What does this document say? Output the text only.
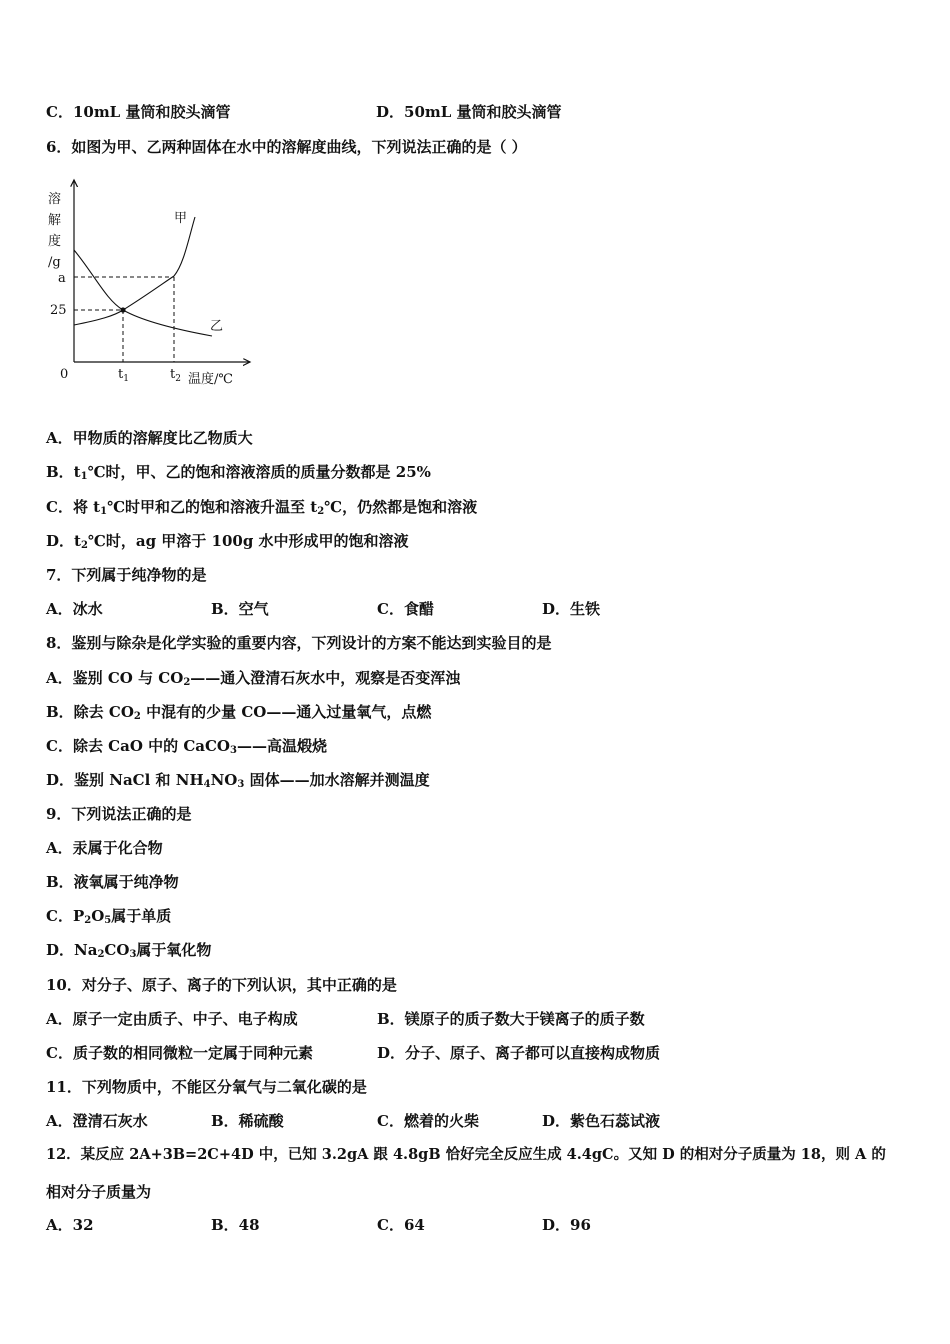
C．10mL 量筒和胶头滴管	D．50mL 量筒和胶头滴管
6．如图为甲、乙两种固体在水中的溶解度曲线，下列说法正确的是（ ）
溶
解
度
/g
a
25
0	$t_1$	$t_2$ 温度/℃
甲
乙
A．甲物质的溶解度比乙物质大
B．$t_1℃$时，甲、乙的饱和溶液溶质的质量分数都是 25%
C．将 $t_1℃$时甲和乙的饱和溶液升温至 $t_2℃$，仍然都是饱和溶液
D．$t_2℃$时，ag 甲溶于 100g 水中形成甲的饱和溶液
7．下列属于纯净物的是
A．冰水	B．空气	C．食醋	D．生铁
8．鉴别与除杂是化学实验的重要内容，下列设计的方案不能达到实验目的是
A．鉴别 CO 与 $CO_2——$通入澄清石灰水中，观察是否变浑浊
B．除去 $CO_2$ 中混有的少量 CO——通入过量氧气，点燃
C．除去 CaO 中的 CaCO$_3$——高温煅烧
D．鉴别 NaCl 和 $NH_4NO_3$ 固体——加水溶解并测温度
9．下列说法正确的是
A．汞属于化合物
B．液氧属于纯净物
C．$P_2O_5$属于单质
D．$Na_2CO_3$属于氧化物
10．对分子、原子、离子的下列认识，其中正确的是
A．原子一定由质子、中子、电子构成	B．镁原子的质子数大于镁离子的质子数
C．质子数的相同微粒一定属于同种元素	D．分子、原子、离子都可以直接构成物质
11．下列物质中，不能区分氧气与二氧化碳的是
A．澄清石灰水	B．稀硫酸	C．燃着的火柴	D．紫色石蕊试液
12．某反应 2A+3B=2C+4D 中，已知 3.2gA 跟 4.8gB 恰好完全反应生成 4.4gC。又知 D 的相对分子质量为 18，则 A 的
相对分子质量为
A．32	B．48	C．64	D．96
